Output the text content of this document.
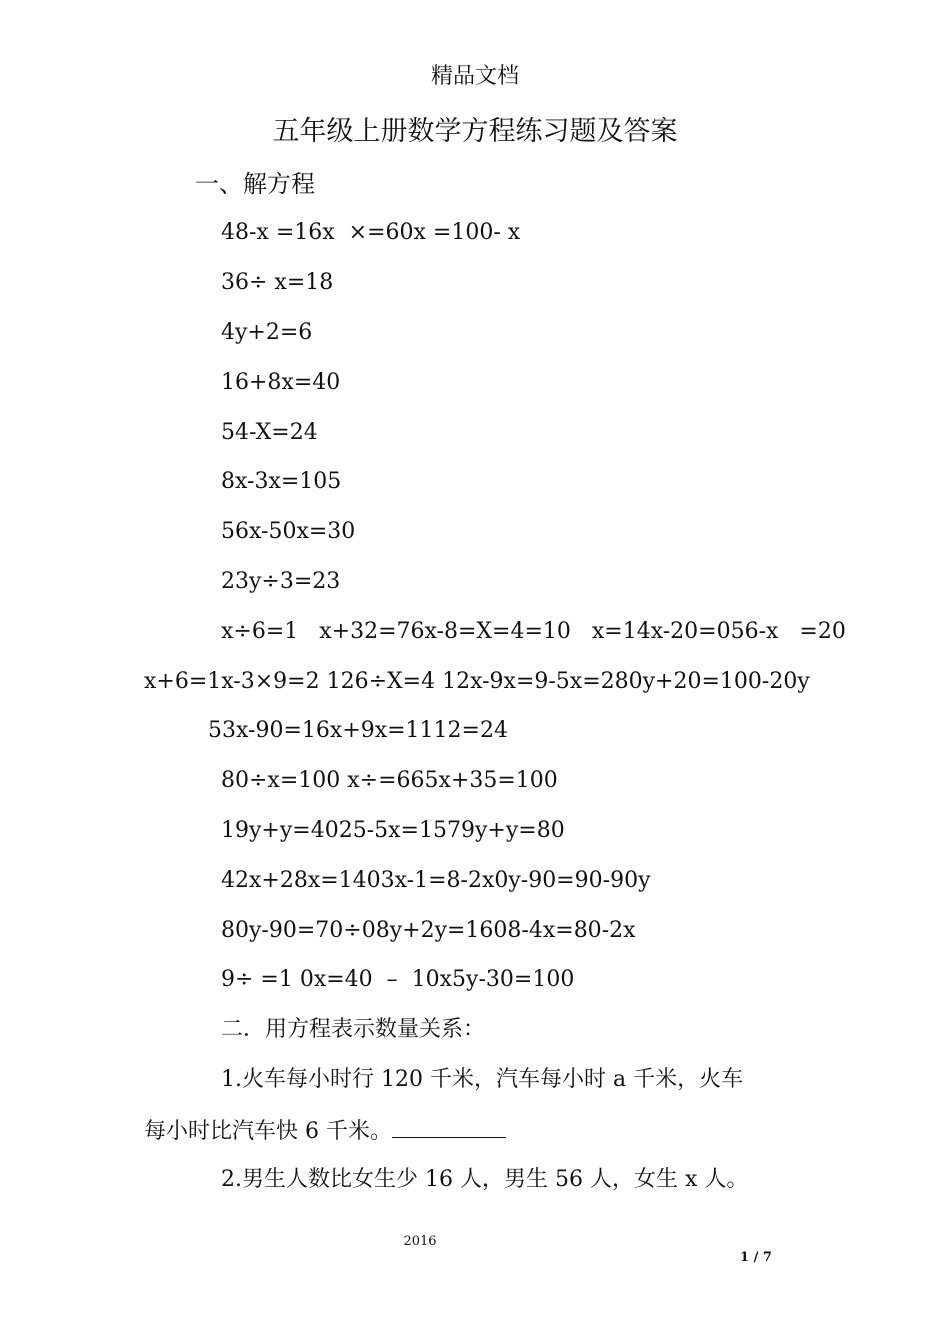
精品文档
五年级上册数学方程练习题及答案
一、解方程
48-x =16x  ×=60x =100- x
36÷ x=18
4y+2=6
16+8x=40
54-X=24
8x-3x=105
56x-50x=30
23y÷3=23
x÷6=1   x+32=76x-8=X=4=10   x=14x-20=056-x   =20
x+6=1x-3×9=2 126÷X=4 12x-9x=9-5x=280y+20=100-20y
53x-90=16x+9x=1112=24
80÷x=100 x÷=665x+35=100
19y+y=4025-5x=1579y+y=80
42x+28x=1403x-1=8-2x0y-90=90-90y
80y-90=70÷08y+2y=1608-4x=80-2x
9÷ =1 0x=40  –  10x5y-30=100
二．用方程表示数量关系：
1.火车每小时行 120 千米，汽车每小时 a 千米，火车
每小时比汽车快 6 千米。
2.男生人数比女生少 16 人，男生 56 人，女生 x 人。
2016
1 / 7
